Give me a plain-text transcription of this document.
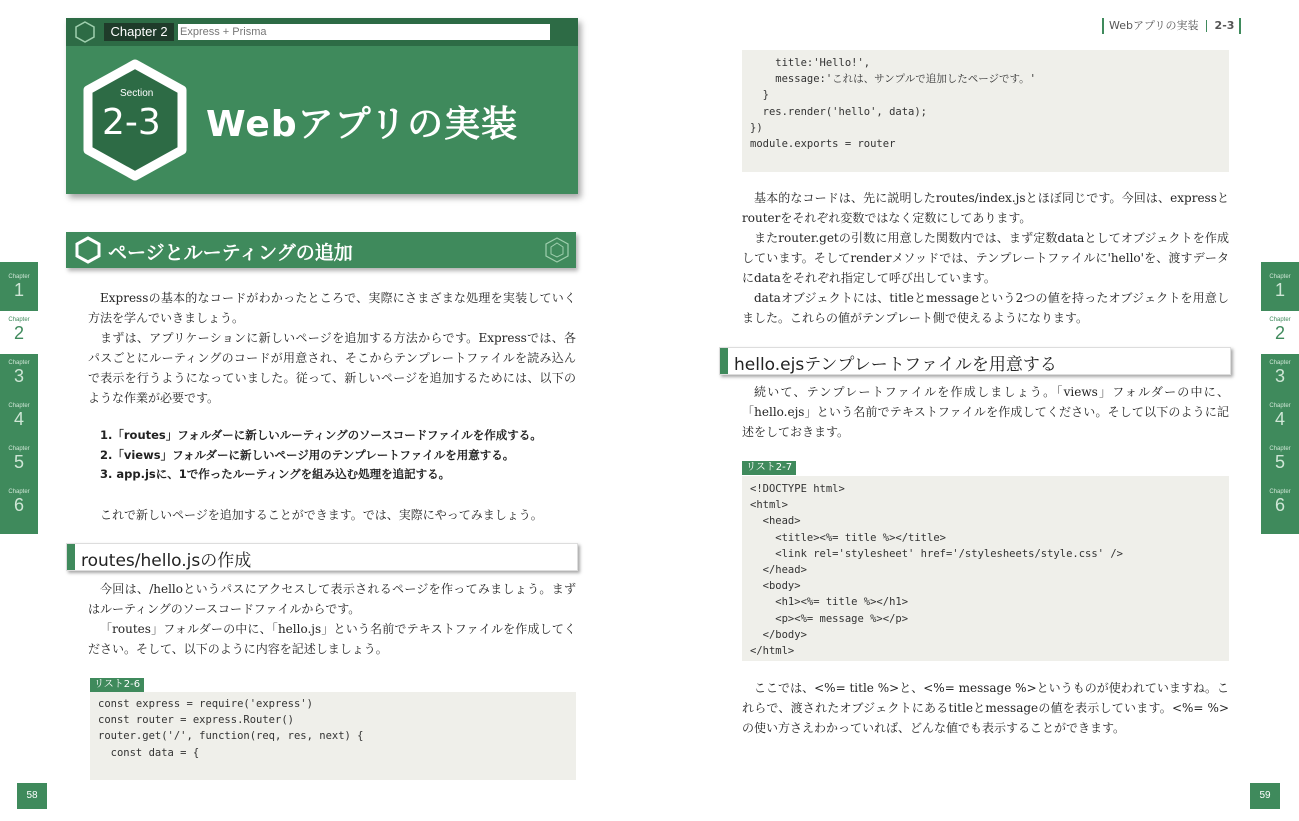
Chapter 2	Express + Prisma
Section
2-3 Webアプリの実装
ページとルーティングの追加

Expressの基本的なコードがわかったところで、実際にさまざまな処理を実装していく方法を学んでいきましょう。

まずは、アプリケーションに新しいページを追加する方法からです。Expressでは、各パスごとにルーティングのコードが用意され、そこからテンプレートファイルを読み込んで表示を行うようになっていました。従って、新しいページを追加するためには、以下のような作業が必要です。

1.「routes」フォルダーに新しいルーティングのソースコードファイルを作成する。
2.「views」フォルダーに新しいページ用のテンプレートファイルを用意する。
3. app.jsに、1で作ったルーティングを組み込む処理を追記する。
これで新しいページを追加することができます。では、実際にやってみましょう。
routes/hello.jsの作成

今回は、/helloというパスにアクセスして表示されるページを作ってみましょう。まずはルーティングのソースコードファイルからです。

「routes」フォルダーの中に、「hello.js」という名前でテキストファイルを作成してください。そして、以下のように内容を記述しましょう。

リスト2-6
const express = require('express')
const router = express.Router()
router.get('/', function(req, res, next) {
const data = {
Chapter
1
Chapter
2
Chapter
3
Chapter
4
Chapter
5
Chapter
6
58
Webアプリの実装 2-3
title:'Hello!',
message:'これは、サンプルで追加したページです。'
}
res.render('hello', data);
})
module.exports = router

基本的なコードは、先に説明したroutes/index.jsとほぼ同じです。今回は、expressとrouterをそれぞれ変数ではなく定数にしてあります。

またrouter.getの引数に用意した関数内では、まず定数dataとしてオブジェクトを作成しています。そしてrenderメソッドでは、テンプレートファイルに'hello'を、渡すデータにdataをそれぞれ指定して呼び出しています。

dataオブジェクトには、titleとmessageという2つの値を持ったオブジェクトを用意しました。これらの値がテンプレート側で使えるようになります。

hello.ejsテンプレートファイルを用意する
続いて、テンプレートファイルを作成しましょう。「views」フォルダーの中に、「hello.ejs」という名前でテキストファイルを作成してください。そして以下のように記述をしておきます。
リスト2-7
<!DOCTYPE html>
<html>
<head>
<title><%= title %></title>
<link rel='stylesheet' href='/stylesheets/style.css' />
</head>
<body>
<h1><%= title %></h1>
<p><%= message %></p>
</body>
</html>
ここでは、<%= title %>と、<%= message %>というものが使われていますね。これらで、渡されたオブジェクトにあるtitleとmessageの値を表示しています。<%= %>の使い方さえわかっていれば、どんな値でも表示することができます。
Chapter
1
Chapter
2
Chapter
3
Chapter
4
Chapter
5
Chapter
6
59
